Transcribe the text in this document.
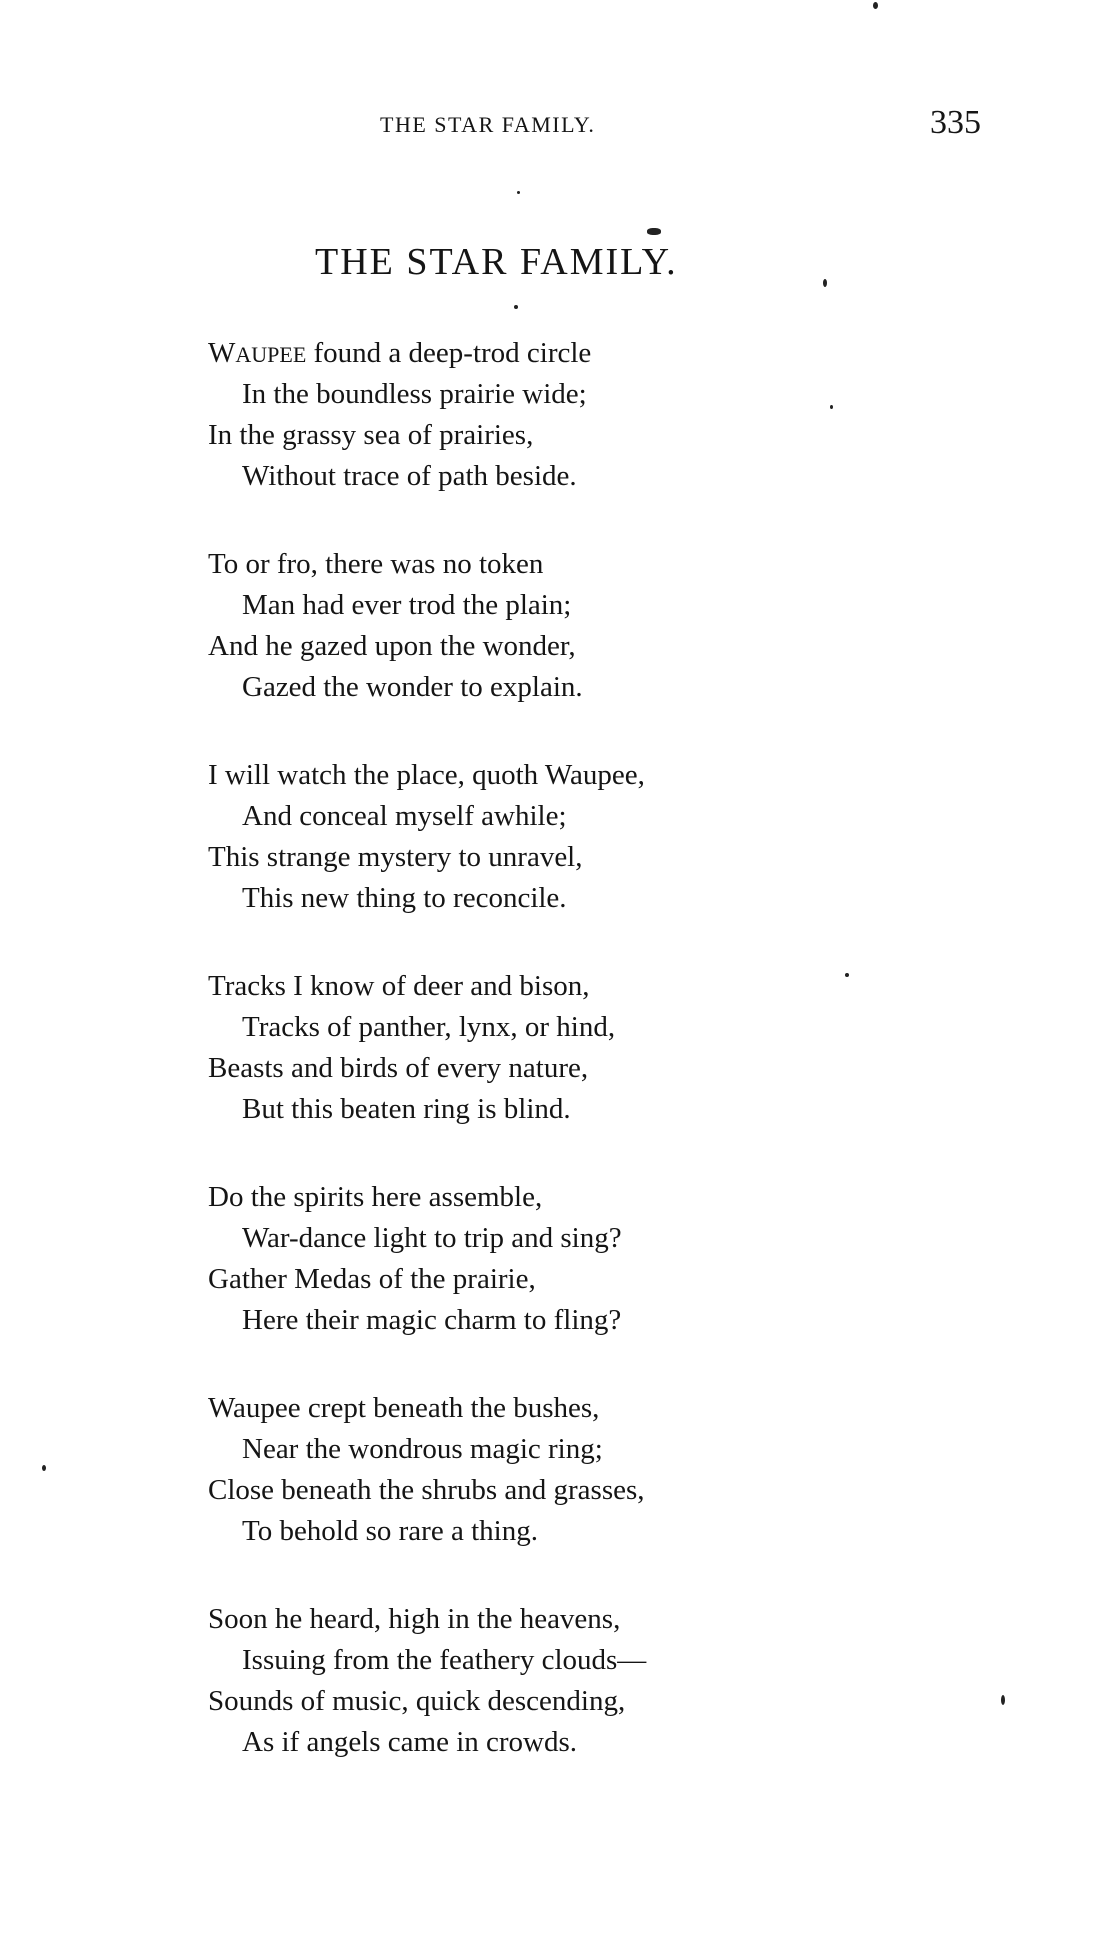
THE STAR FAMILY.	335
THE STAR FAMILY.
WAUPEE found a deep-trod circle
In the boundless prairie wide;
In the grassy sea of prairies,
Without trace of path beside.
To or fro, there was no token
Man had ever trod the plain;
And he gazed upon the wonder,
Gazed the wonder to explain.
I will watch the place, quoth Waupee,
And conceal myself awhile;
This strange mystery to unravel,
This new thing to reconcile.
Tracks I know of deer and bison,
Tracks of panther, lynx, or hind,
Beasts and birds of every nature,
But this beaten ring is blind.
Do the spirits here assemble,
War-dance light to trip and sing?
Gather Medas of the prairie,
Here their magic charm to fling?
Waupee crept beneath the bushes,
Near the wondrous magic ring;
Close beneath the shrubs and grasses,
To behold so rare a thing.
Soon he heard, high in the heavens,
Issuing from the feathery clouds—
Sounds of music, quick descending,
As if angels came in crowds.
